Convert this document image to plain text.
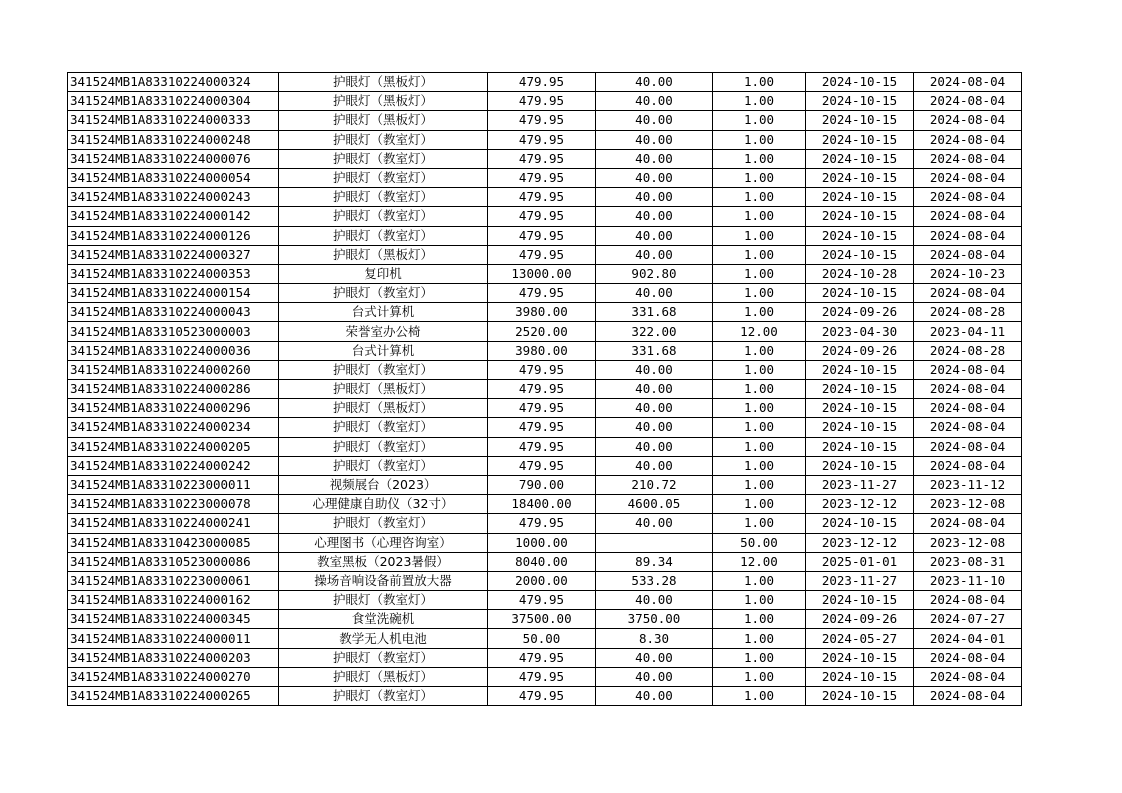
341524MB1A83310224000324	护眼灯（黑板灯）	479.95	40.00	1.00	2024-10-15	2024-08-04
341524MB1A83310224000304	护眼灯（黑板灯）	479.95	40.00	1.00	2024-10-15	2024-08-04
341524MB1A83310224000333	护眼灯（黑板灯）	479.95	40.00	1.00	2024-10-15	2024-08-04
341524MB1A83310224000248	护眼灯（教室灯）	479.95	40.00	1.00	2024-10-15	2024-08-04
341524MB1A83310224000076	护眼灯（教室灯）	479.95	40.00	1.00	2024-10-15	2024-08-04
341524MB1A83310224000054	护眼灯（教室灯）	479.95	40.00	1.00	2024-10-15	2024-08-04
341524MB1A83310224000243	护眼灯（教室灯）	479.95	40.00	1.00	2024-10-15	2024-08-04
341524MB1A83310224000142	护眼灯（教室灯）	479.95	40.00	1.00	2024-10-15	2024-08-04
341524MB1A83310224000126	护眼灯（教室灯）	479.95	40.00	1.00	2024-10-15	2024-08-04
341524MB1A83310224000327	护眼灯（黑板灯）	479.95	40.00	1.00	2024-10-15	2024-08-04
341524MB1A83310224000353	复印机	13000.00	902.80	1.00	2024-10-28	2024-10-23
341524MB1A83310224000154	护眼灯（教室灯）	479.95	40.00	1.00	2024-10-15	2024-08-04
341524MB1A83310224000043	台式计算机	3980.00	331.68	1.00	2024-09-26	2024-08-28
341524MB1A83310523000003	荣誉室办公椅	2520.00	322.00	12.00	2023-04-30	2023-04-11
341524MB1A83310224000036	台式计算机	3980.00	331.68	1.00	2024-09-26	2024-08-28
341524MB1A83310224000260	护眼灯（教室灯）	479.95	40.00	1.00	2024-10-15	2024-08-04
341524MB1A83310224000286	护眼灯（黑板灯）	479.95	40.00	1.00	2024-10-15	2024-08-04
341524MB1A83310224000296	护眼灯（黑板灯）	479.95	40.00	1.00	2024-10-15	2024-08-04
341524MB1A83310224000234	护眼灯（教室灯）	479.95	40.00	1.00	2024-10-15	2024-08-04
341524MB1A83310224000205	护眼灯（教室灯）	479.95	40.00	1.00	2024-10-15	2024-08-04
341524MB1A83310224000242	护眼灯（教室灯）	479.95	40.00	1.00	2024-10-15	2024-08-04
341524MB1A83310223000011	视频展台（2023）	790.00	210.72	1.00	2023-11-27	2023-11-12
341524MB1A83310223000078	心理健康自助仪（32寸）	18400.00	4600.05	1.00	2023-12-12	2023-12-08
341524MB1A83310224000241	护眼灯（教室灯）	479.95	40.00	1.00	2024-10-15	2024-08-04
341524MB1A83310423000085	心理图书（心理咨询室）	1000.00		50.00	2023-12-12	2023-12-08
341524MB1A83310523000086	教室黑板（2023暑假）	8040.00	89.34	12.00	2025-01-01	2023-08-31
341524MB1A83310223000061	操场音响设备前置放大器	2000.00	533.28	1.00	2023-11-27	2023-11-10
341524MB1A83310224000162	护眼灯（教室灯）	479.95	40.00	1.00	2024-10-15	2024-08-04
341524MB1A83310224000345	食堂洗碗机	37500.00	3750.00	1.00	2024-09-26	2024-07-27
341524MB1A83310224000011	教学无人机电池	50.00	8.30	1.00	2024-05-27	2024-04-01
341524MB1A83310224000203	护眼灯（教室灯）	479.95	40.00	1.00	2024-10-15	2024-08-04
341524MB1A83310224000270	护眼灯（黑板灯）	479.95	40.00	1.00	2024-10-15	2024-08-04
341524MB1A83310224000265	护眼灯（教室灯）	479.95	40.00	1.00	2024-10-15	2024-08-04
